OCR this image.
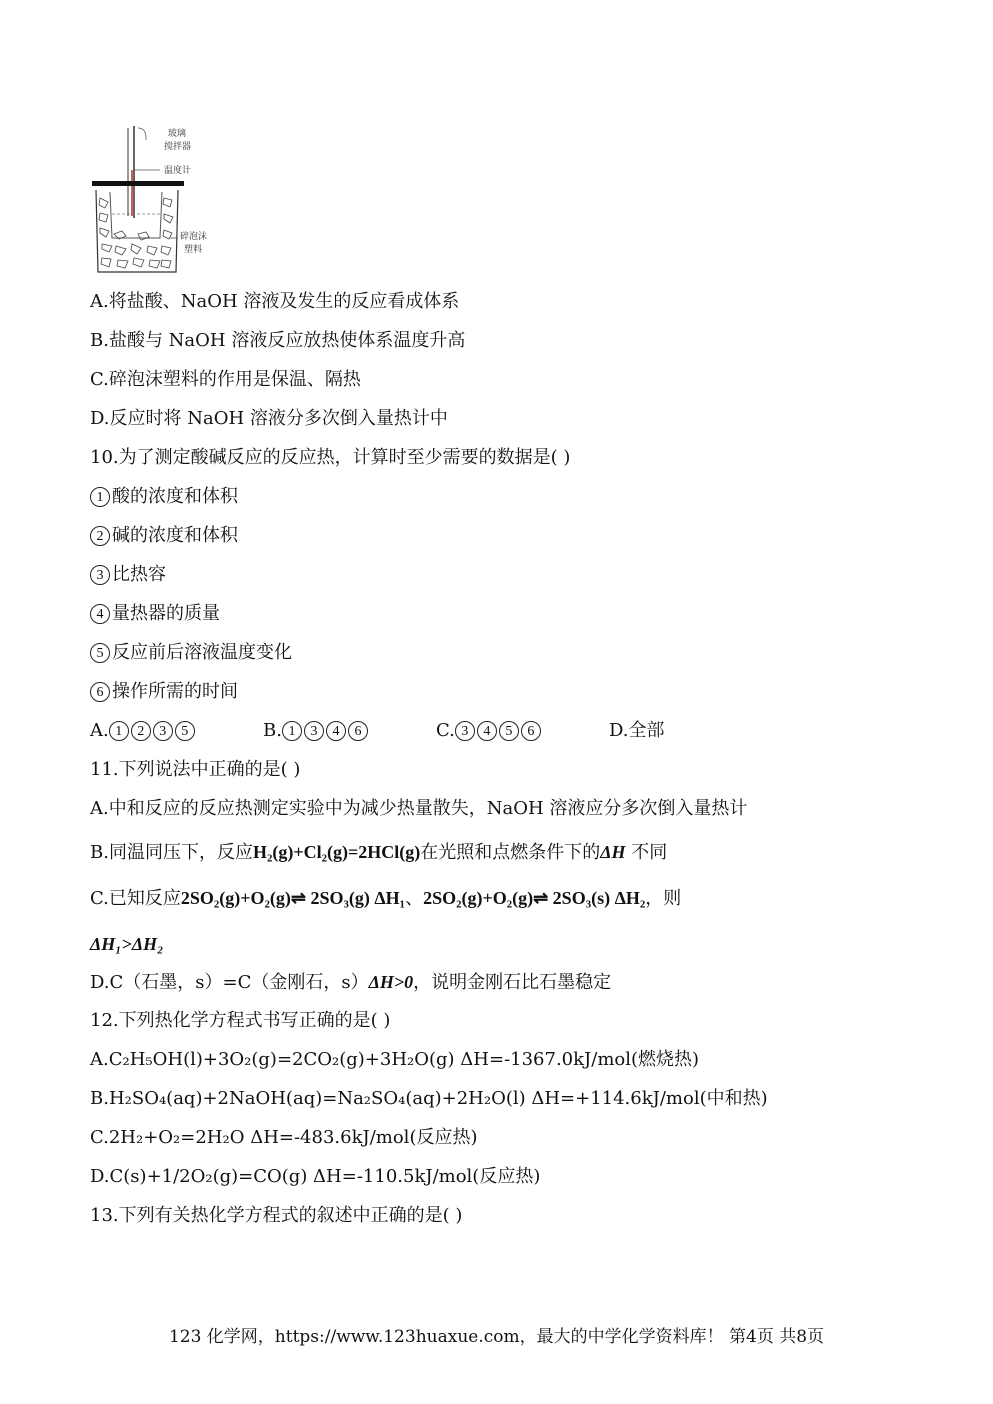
玻璃
搅拌器
温度计
碎泡沫
塑料
A.将盐酸、NaOH 溶液及发生的反应看成体系
B.盐酸与 NaOH 溶液反应放热使体系温度升高
C.碎泡沫塑料的作用是保温、隔热
D.反应时将 NaOH 溶液分多次倒入量热计中
10.为了测定酸碱反应的反应热，计算时至少需要的数据是( )
1 酸的浓度和体积
2 碱的浓度和体积
3 比热容
4 量热器的质量
5 反应前后溶液温度变化
6 操作所需的时间
A. 1 2 3 5	B. 1 3 4 6	C. 3 4 5 6	D.全部
11.下列说法中正确的是( )
A.中和反应的反应热测定实验中为减少热量散失，NaOH 溶液应分多次倒入量热计
B.同温同压下，反应H₂(g)+Cl₂(g)=2HCl(g)在光照和点燃条件下的ΔH 不同
C.已知反应2SO₂(g)+O₂(g)⇌ 2SO₃(g) ΔH₁、2SO₂(g)+O₂(g)⇌ 2SO₃(s) ΔH₂，则
ΔH₁>ΔH₂
D.C（石墨，s）=C（金刚石，s）ΔH>0，说明金刚石比石墨稳定
12.下列热化学方程式书写正确的是( )
A.C₂H₅OH(l)+3O₂(g)=2CO₂(g)+3H₂O(g) ΔH=-1367.0kJ/mol(燃烧热)
B.H₂SO₄(aq)+2NaOH(aq)=Na₂SO₄(aq)+2H₂O(l) ΔH=+114.6kJ/mol(中和热)
C.2H₂+O₂=2H₂O ΔH=-483.6kJ/mol(反应热)
D.C(s)+1/2O₂(g)=CO(g) ΔH=-110.5kJ/mol(反应热)
13.下列有关热化学方程式的叙述中正确的是( )
123 化学网，https://www.123huaxue.com，最大的中学化学资料库！ 第4页 共8页
